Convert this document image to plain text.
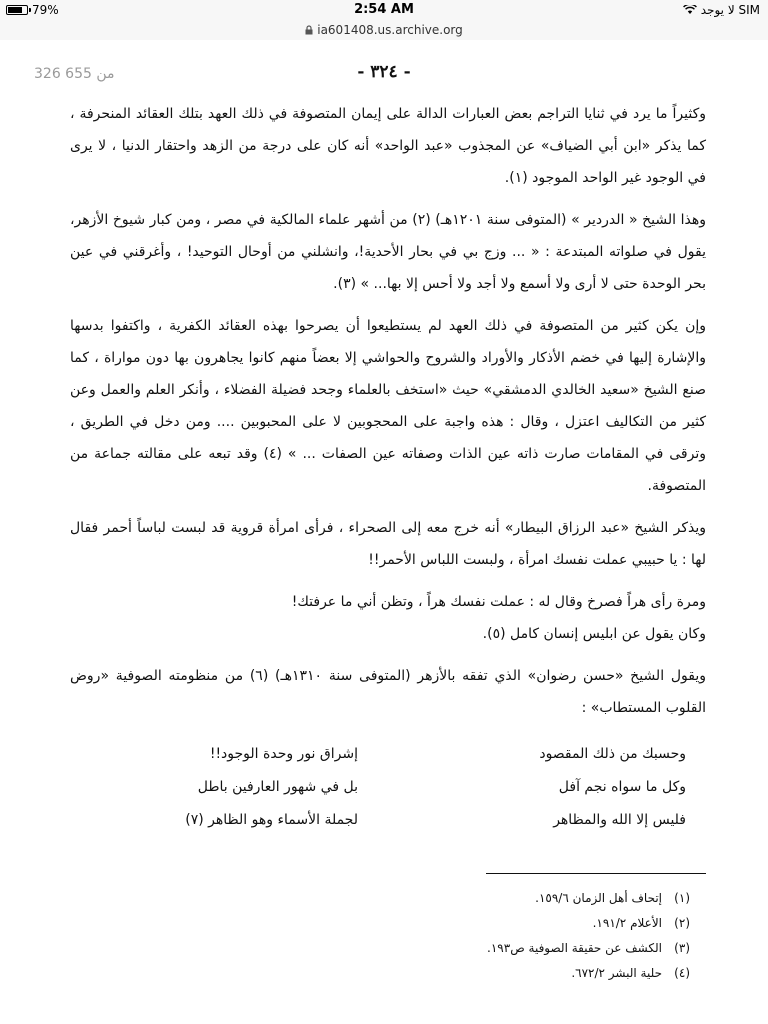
79%	2:54 AM	لا يوجد SIM
ia601408.us.archive.org
326 من 655	- ٣٢٤ -

وكثيراً ما يرد في ثنايا التراجم بعض العبارات الدالة على إيمان المتصوفة في ذلك العهد بتلك العقائد المنحرفة ، كما يذكر «ابن أبي الضياف» عن المجذوب «عبد الواحد» أنه كان على درجة من الزهد واحتقار الدنيا ، لا يرى في الوجود غير الواحد الموجود (١).

وهذا الشيخ « الدردير » (المتوفى سنة ١٢٠١هـ) (٢) من أشهر علماء المالكية في مصر ، ومن كبار شيوخ الأزهر، يقول في صلواته المبتدعة : « ... وزج بي في بحار الأحدية!، وانشلني من أوحال التوحيد! ، وأغرقني في عين بحر الوحدة حتى لا أرى ولا أسمع ولا أجد ولا أحس إلا بها... » (٣).

وإن يكن كثير من المتصوفة في ذلك العهد لم يستطيعوا أن يصرحوا بهذه العقائد الكفرية ، واكتفوا بدسها والإشارة إليها في خضم الأذكار والأوراد والشروح والحواشي إلا بعضاً منهم كانوا يجاهرون بها دون مواراة ، كما صنع الشيخ «سعيد الخالدي الدمشقي» حيث «استخف بالعلماء وجحد فضيلة الفضلاء ، وأنكر العلم والعمل وعن كثير من التكاليف اعتزل ، وقال : هذه واجبة على المحجوبين لا على المحبوبين .... ومن دخل في الطريق ، وترقى في المقامات صارت ذاته عين الذات وصفاته عين الصفات ... » (٤) وقد تبعه على مقالته جماعة من المتصوفة.

ويذكر الشيخ «عبد الرزاق البيطار» أنه خرج معه إلى الصحراء ، فرأى امرأة قروية قد لبست لباساً أحمر فقال لها : يا حبيبي عملت نفسك امرأة ، ولبست اللباس الأحمر!!

ومرة رأى هراً فصرخ وقال له : عملت نفسك هراً ، وتظن أني ما عرفتك!

وكان يقول عن ابليس إنسان كامل (٥).

ويقول الشيخ «حسن رضوان» الذي تفقه بالأزهر (المتوفى سنة ١٣١٠هـ) (٦) من منظومته الصوفية «روض القلوب المستطاب» :

وحسبك من ذلك المقصود
إشراق نور وحدة الوجود!!
وكل ما سواه نجم آفل
بل في شهور العارفين باطل
فليس إلا الله والمظاهر
لجملة الأسماء وهو الظاهر (٧)
(١)
إتحاف أهل الزمان ١٥٩/٦.
(٢)
الأعلام ١٩١/٢.
(٣)
الكشف عن حقيقة الصوفية ص١٩٣.
(٤)
حلية البشر ٦٧٢/٢.
